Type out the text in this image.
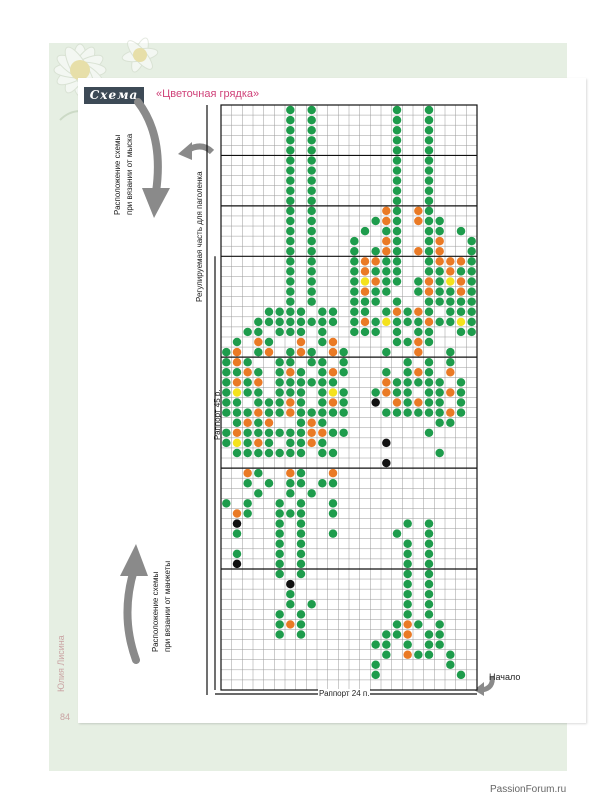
Схема 1
«Цветочная грядка»
Расположение схемы при вязании от мыска
Расположение схемы при вязании от манжеты
Регулируемая часть для паголенка
Раппорт 45 р.
Раппорт 24 п.
Начало
Юлия Лисина
84
PassionForum.ru
